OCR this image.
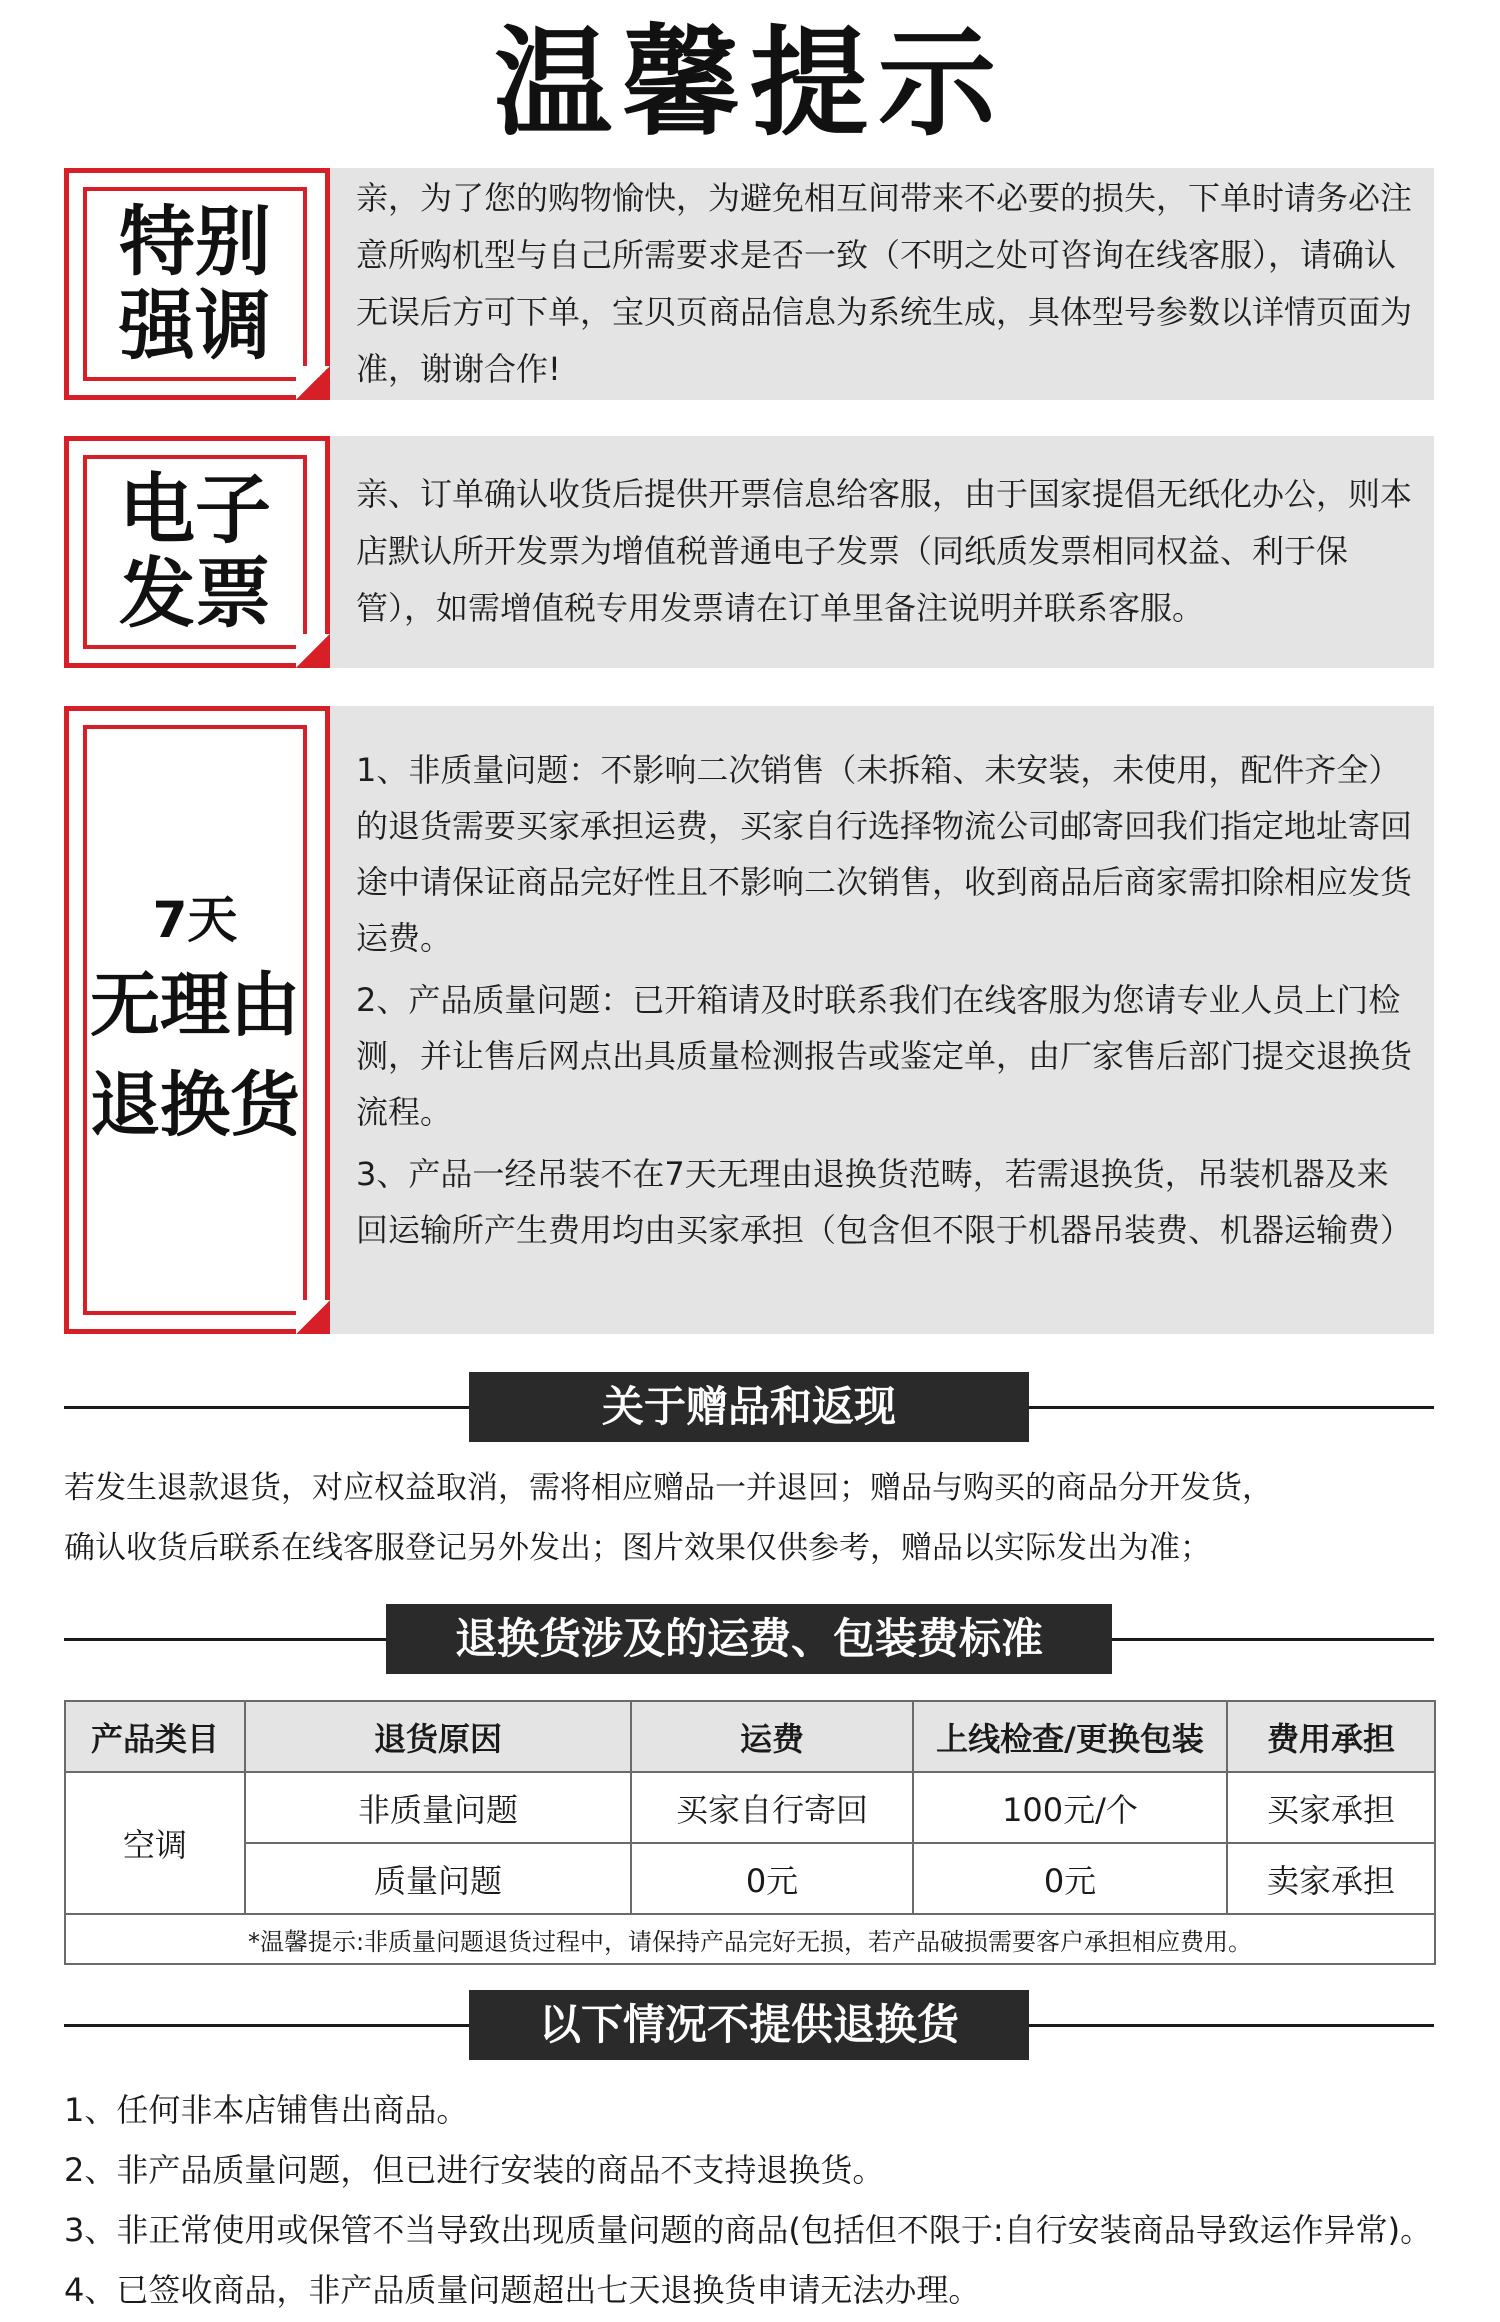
温馨提示
特别
强调

亲，为了您的购物愉快，为避免相互间带来不必要的损失，下单时请务必注意所购机型与自己所需要求是否一致（不明之处可咨询在线客服），请确认无误后方可下单，宝贝页商品信息为系统生成，具体型号参数以详情页面为准，谢谢合作!

电子
发票

亲、订单确认收货后提供开票信息给客服，由于国家提倡无纸化办公，则本店默认所开发票为增值税普通电子发票（同纸质发票相同权益、利于保管），如需增值税专用发票请在订单里备注说明并联系客服。

7天
无理由
退换货

1、非质量问题：不影响二次销售（未拆箱、未安装，未使用，配件齐全）的退货需要买家承担运费，买家自行选择物流公司邮寄回我们指定地址寄回途中请保证商品完好性且不影响二次销售，收到商品后商家需扣除相应发货运费。

2、产品质量问题：已开箱请及时联系我们在线客服为您请专业人员上门检测，并让售后网点出具质量检测报告或鉴定单，由厂家售后部门提交退换货流程。

3、产品一经吊装不在7天无理由退换货范畴，若需退换货，吊装机器及来回运输所产生费用均由买家承担（包含但不限于机器吊装费、机器运输费）

关于赠品和返现
若发生退款退货，对应权益取消，需将相应赠品一并退回；赠品与购买的商品分开发货，
确认收货后联系在线客服登记另外发出；图片效果仅供参考，赠品以实际发出为准；
退换货涉及的运费、包装费标准
产品类目	退货原因	运费	上线检查/更换包装	费用承担
空调	非质量问题	买家自行寄回	100元/个	买家承担
	质量问题	0元	0元	卖家承担
*温馨提示:非质量问题退货过程中，请保持产品完好无损，若产品破损需要客户承担相应费用。				
以下情况不提供退换货
1、任何非本店铺售出商品。
2、非产品质量问题，但已进行安装的商品不支持退换货。
3、非正常使用或保管不当导致出现质量问题的商品(包括但不限于:自行安装商品导致运作异常)。
4、已签收商品，非产品质量问题超出七天退换货申请无法办理。
